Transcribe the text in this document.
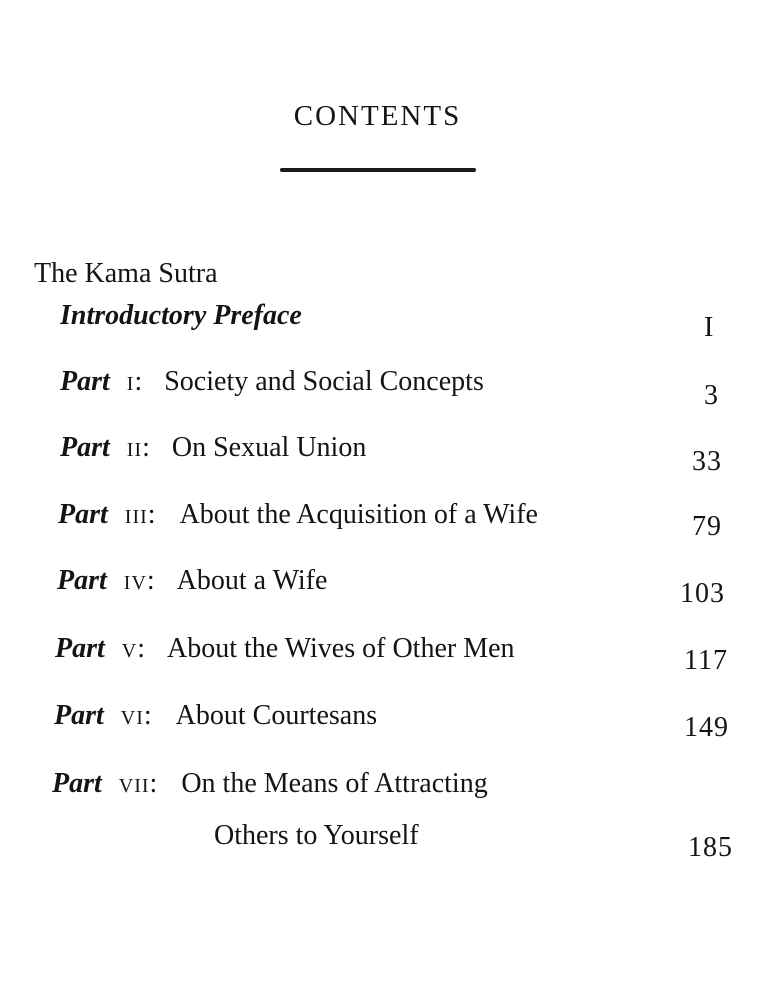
CONTENTS
The Kama Sutra
Introductory Preface	I
Part i: Society and Social Concepts	3
Part ii: On Sexual Union	33
Part iii: About the Acquisition of a Wife	79
Part iv: About a Wife	103
Part v: About the Wives of Other Men	117
Part vi: About Courtesans	149
Part vii: On the Means of Attracting
Others to Yourself	185
